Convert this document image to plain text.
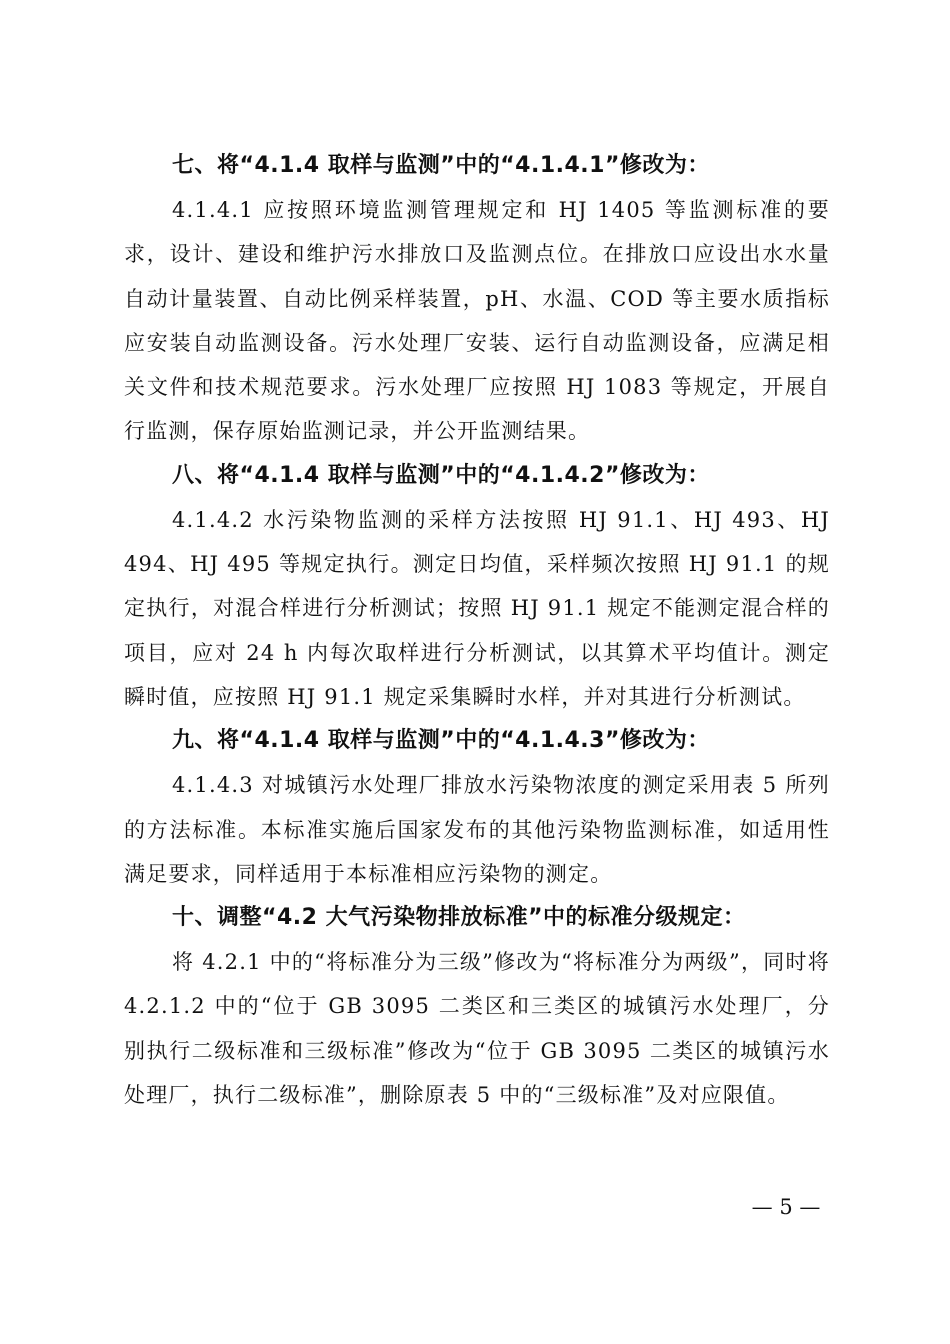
七、将“4.1.4 取样与监测”中的“4.1.4.1”修改为：

4.1.4.1 应按照环境监测管理规定和 HJ 1405 等监测标准的要求，设计、建设和维护污水排放口及监测点位。在排放口应设出水水量自动计量装置、自动比例采样装置，pH、水温、COD 等主要水质指标应安装自动监测设备。污水处理厂安装、运行自动监测设备，应满足相关文件和技术规范要求。污水处理厂应按照 HJ 1083 等规定，开展自行监测，保存原始监测记录，并公开监测结果。

八、将“4.1.4 取样与监测”中的“4.1.4.2”修改为：

4.1.4.2 水污染物监测的采样方法按照 HJ 91.1、HJ 493、HJ 494、HJ 495 等规定执行。测定日均值，采样频次按照 HJ 91.1 的规定执行，对混合样进行分析测试；按照 HJ 91.1 规定不能测定混合样的项目，应对 24 h 内每次取样进行分析测试，以其算术平均值计。测定瞬时值，应按照 HJ 91.1 规定采集瞬时水样，并对其进行分析测试。

九、将“4.1.4 取样与监测”中的“4.1.4.3”修改为：

4.1.4.3 对城镇污水处理厂排放水污染物浓度的测定采用表 5 所列的方法标准。本标准实施后国家发布的其他污染物监测标准，如适用性满足要求，同样适用于本标准相应污染物的测定。

十、调整“4.2 大气污染物排放标准”中的标准分级规定：

将 4.2.1 中的“将标准分为三级”修改为“将标准分为两级”，同时将 4.2.1.2 中的“位于 GB 3095 二类区和三类区的城镇污水处理厂，分别执行二级标准和三级标准”修改为“位于 GB 3095 二类区的城镇污水处理厂，执行二级标准”，删除原表 5 中的“三级标准”及对应限值。

— 5 —
